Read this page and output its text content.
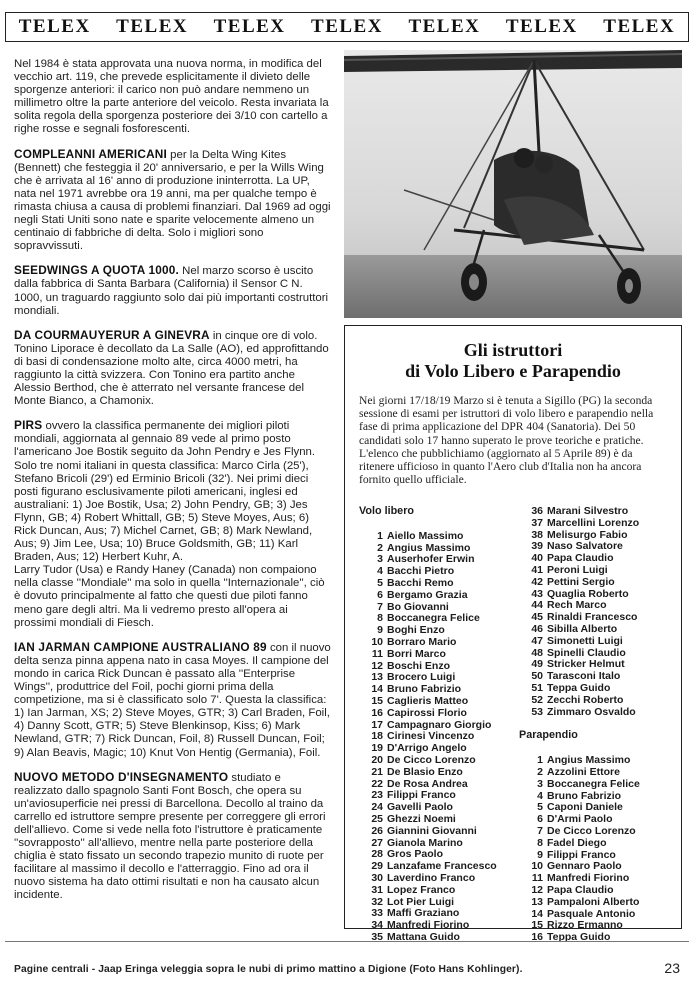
TELEX TELEX TELEX TELEX TELEX TELEX TELEX

Nel 1984 è stata approvata una nuova norma, in modifica del vecchio art. 119, che prevede esplicitamente il divieto delle sporgenze anteriori: il carico non può andare nemmeno un millimetro oltre la parte anteriore del veicolo. Resta invariata la solita regola della sporgenza posteriore dei 3/10 con cartello a righe rosse e segnali fosforescenti.

COMPLEANNI AMERICANI per la Delta Wing Kites (Bennett) che festeggia il 20' anniversario, e per la Wills Wing che è arrivata al 16' anno di produzione ininterrotta. La UP, nata nel 1971 avrebbe ora 19 anni, ma per qualche tempo è rimasta chiusa a causa di problemi finanziari. Dal 1969 ad oggi negli Stati Uniti sono nate e sparite velocemente almeno un centinaio di fabbriche di delta. Solo i migliori sono sopravvissuti.

SEEDWINGS A QUOTA 1000. Nel marzo scorso è uscito dalla fabbrica di Santa Barbara (California) il Sensor C N. 1000, un traguardo raggiunto solo dai più importanti costruttori mondiali.

DA COURMAUYERUR A GINEVRA in cinque ore di volo. Tonino Liporace è decollato da La Salle (AO), ed approfittando di basi di condensazione molto alte, circa 4000 metri, ha raggiunto la città svizzera. Con Tonino era partito anche Alessio Berthod, che è atterrato nel versante francese del Monte Bianco, a Chamonix.

PIRS ovvero la classifica permanente dei migliori piloti mondiali, aggiornata al gennaio 89 vede al primo posto l'americano Joe Bostik seguito da John Pendry e Jes Flynn. Solo tre nomi italiani in questa classifica: Marco Cirla (25'), Stefano Bricoli (29') ed Erminio Bricoli (32'). Nei primi dieci posti figurano esclusivamente piloti americani, inglesi ed australiani: 1) Joe Bostik, Usa; 2) John Pendry, GB; 3) Jes Flynn, GB; 4) Robert Whittall, GB; 5) Steve Moyes, Aus; 6) Rick Duncan, Aus; 7) Michel Carnet, GB; 8) Mark Newland, Aus; 9) Jim Lee, Usa; 10) Bruce Goldsmith, GB; 11) Karl Braden, Aus; 12) Herbert Kuhr, A.

Larry Tudor (Usa) e Randy Haney (Canada) non compaiono nella classe ''Mondiale'' ma solo in quella ''Internazionale'', ciò è dovuto principalmente al fatto che questi due piloti fanno meno gare degli altri. Ma li vedremo presto all'opera ai prossimi mondiali di Fiesch.

IAN JARMAN CAMPIONE AUSTRALIANO 89 con il nuovo delta senza pinna appena nato in casa Moyes. Il campione del mondo in carica Rick Duncan è passato alla ''Enterprise Wings'', produttrice del Foil, pochi giorni prima della competizione, ma si è classificato solo 7'. Questa la classifica: 1) Ian Jarman, XS; 2) Steve Moyes, GTR; 3) Carl Braden, Foil, 4) Danny Scott, GTR; 5) Steve Blenkinsop, Kiss; 6) Mark Newland, GTR; 7) Rick Duncan, Foil, 8) Russell Duncan, Foil; 9) Alan Beavis, Magic; 10) Knut Von Hentig (Germania), Foil.

NUOVO METODO D'INSEGNAMENTO studiato e realizzato dallo spagnolo Santi Font Bosch, che opera su un'aviosuperficie nei pressi di Barcellona. Decollo al traino da carrello ed istruttore sempre presente per correggere gli errori dell'allievo. Come si vede nella foto l'istruttore è praticamente ''sovrapposto'' all'allievo, mentre nella parte posteriore della chiglia è stato fissato un secondo trapezio munito di ruote per facilitare al massimo il decollo e l'atterraggio. Fino ad ora il nuovo sistema ha dato ottimi risultati e non ha causato alcun incidente.

Gli istruttori
di Volo Libero e Parapendio
Nei giorni 17/18/19 Marzo si è tenuta a Sigillo (PG) la seconda sessione di esami per istruttori di volo libero e parapendio nella fase di prima applicazione del DPR 404 (Sanatoria). Dei 50 candidati solo 17 hanno superato le prove teoriche e pratiche. L'elenco che pubblichiamo (aggiornato al 5 Aprile 89) è da ritenere ufficioso in quanto l'Aero club d'Italia non ha ancora fornito quello ufficiale.
Volo libero
1 Aiello Massimo
2 Angius Massimo
3 Auserhofer Erwin
4 Bacchi Pietro
5 Bacchi Remo
6 Bergamo Grazia
7 Bo Giovanni
8 Boccanegra Felice
9 Boghi Enzo
10 Borraro Mario
11 Borri Marco
12 Boschi Enzo
13 Brocero Luigi
14 Bruno Fabrizio
15 Caglieris Matteo
16 Capirossi Florio
17 Campagnaro Giorgio
18 Cirinesi Vincenzo
19 D'Arrigo Angelo
20 De Cicco Lorenzo
21 De Blasio Enzo
22 De Rosa Andrea
23 Filippi Franco
24 Gavelli Paolo
25 Ghezzi Noemi
26 Giannini Giovanni
27 Gianola Marino
28 Gros Paolo
29 Lanzafame Francesco
30 Laverdino Franco
31 Lopez Franco
32 Lot Pier Luigi
33 Maffi Graziano
34 Manfredi Fiorino
35 Mattana Guido
36 Marani Silvestro
37 Marcellini Lorenzo
38 Melisurgo Fabio
39 Naso Salvatore
40 Papa Claudio
41 Peroni Luigi
42 Pettini Sergio
43 Quaglia Roberto
44 Rech Marco
45 Rinaldi Francesco
46 Sibilla Alberto
47 Simonetti Luigi
48 Spinelli Claudio
49 Stricker Helmut
50 Tarasconi Italo
51 Teppa Guido
52 Zecchi Roberto
53 Zimmaro Osvaldo
Parapendio
1 Angius Massimo
2 Azzolini Ettore
3 Boccanegra Felice
4 Bruno Fabrizio
5 Caponi Daniele
6 D'Armi Paolo
7 De Cicco Lorenzo
8 Fadel Diego
9 Filippi Franco
10 Gennaro Paolo
11 Manfredi Fiorino
12 Papa Claudio
13 Pampaloni Alberto
14 Pasquale Antonio
15 Rizzo Ermanno
16 Teppa Guido
Pagine centrali - Jaap Eringa veleggia sopra le nubi di primo mattino a Digione (Foto Hans Kohlinger).	23
